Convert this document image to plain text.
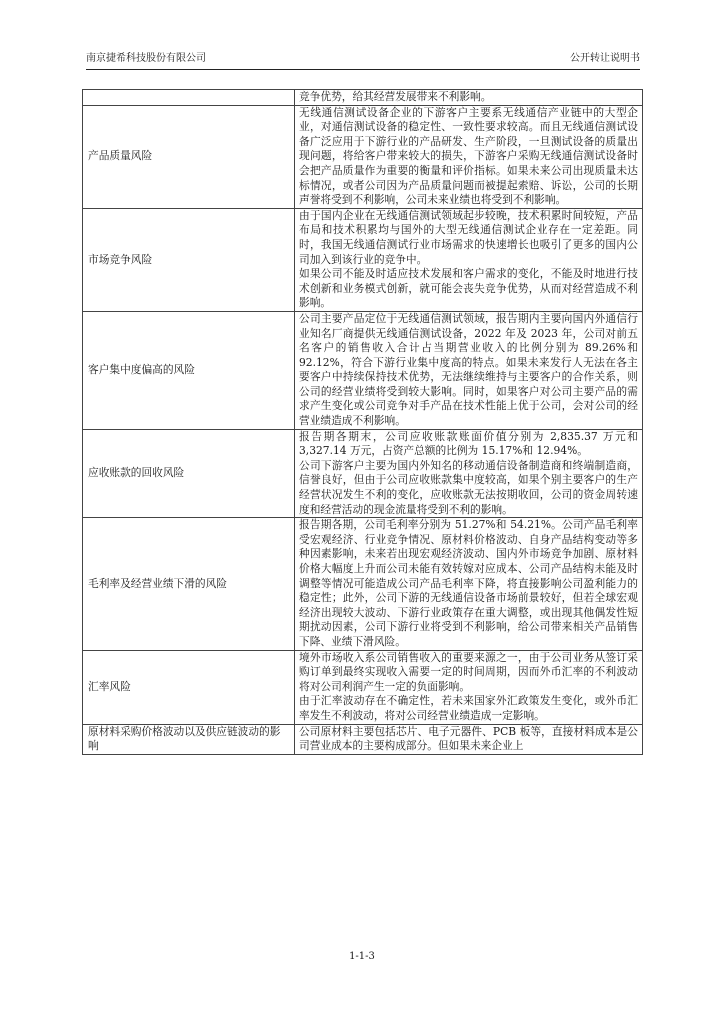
南京捷希科技股份有限公司	公开转让说明书

	竞争优势，给其经营发展带来不利影响。

产品质量风险	无线通信测试设备企业的下游客户主要系无线通信产业链中的大型企业，对通信测试设备的稳定性、一致性要求较高。而且无线通信测试设备广泛应用于下游行业的产品研发、生产阶段，一旦测试设备的质量出现问题，将给客户带来较大的损失，下游客户采购无线通信测试设备时会把产品质量作为重要的衡量和评价指标。如果未来公司出现质量未达标情况，或者公司因为产品质量问题而被提起索赔、诉讼，公司的长期声誉将受到不利影响，公司未来业绩也将受到不利影响。

市场竞争风险	由于国内企业在无线通信测试领域起步较晚，技术积累时间较短，产品布局和技术积累均与国外的大型无线通信测试企业存在一定差距。同时，我国无线通信测试行业市场需求的快速增长也吸引了更多的国内公司加入到该行业的竞争中。

如果公司不能及时适应技术发展和客户需求的变化，不能及时地进行技术创新和业务模式创新，就可能会丧失竞争优势，从而对经营造成不利影响。

客户集中度偏高的风险	公司主要产品定位于无线通信测试领域，报告期内主要向国内外通信行业知名厂商提供无线通信测试设备，2022 年及 2023 年，公司对前五名客户的销售收入合计占当期营业收入的比例分别为 89.26%和 92.12%，符合下游行业集中度高的特点。如果未来发行人无法在各主要客户中持续保持技术优势，无法继续维持与主要客户的合作关系，则公司的经营业绩将受到较大影响。同时，如果客户对公司主要产品的需求产生变化或公司竞争对手产品在技术性能上优于公司，会对公司的经营业绩造成不利影响。

应收账款的回收风险	报告期各期末，公司应收账款账面价值分别为 2,835.37 万元和 3,327.14 万元，占资产总额的比例为 15.17%和 12.94%。

公司下游客户主要为国内外知名的移动通信设备制造商和终端制造商，信誉良好，但由于公司应收账款集中度较高，如果个别主要客户的生产经营状况发生不利的变化，应收账款无法按期收回，公司的资金周转速度和经营活动的现金流量将受到不利的影响。

毛利率及经营业绩下滑的风险	报告期各期，公司毛利率分别为 51.27%和 54.21%。公司产品毛利率受宏观经济、行业竞争情况、原材料价格波动、自身产品结构变动等多种因素影响，未来若出现宏观经济波动、国内外市场竞争加剧、原材料价格大幅度上升而公司未能有效转嫁对应成本、公司产品结构未能及时调整等情况可能造成公司产品毛利率下降，将直接影响公司盈利能力的稳定性；此外，公司下游的无线通信设备市场前景较好，但若全球宏观经济出现较大波动、下游行业政策存在重大调整，或出现其他偶发性短期扰动因素，公司下游行业将受到不利影响，给公司带来相关产品销售下降、业绩下滑风险。

汇率风险	境外市场收入系公司销售收入的重要来源之一，由于公司业务从签订采购订单到最终实现收入需要一定的时间周期，因而外币汇率的不利波动将对公司利润产生一定的负面影响。

由于汇率波动存在不确定性，若未来国家外汇政策发生变化，或外币汇率发生不利波动，将对公司经营业绩造成一定影响。

原材料采购价格波动以及供应链波动的影响	公司原材料主要包括芯片、电子元器件、PCB 板等，直接材料成本是公司营业成本的主要构成部分。但如果未来企业上

1-1-3
